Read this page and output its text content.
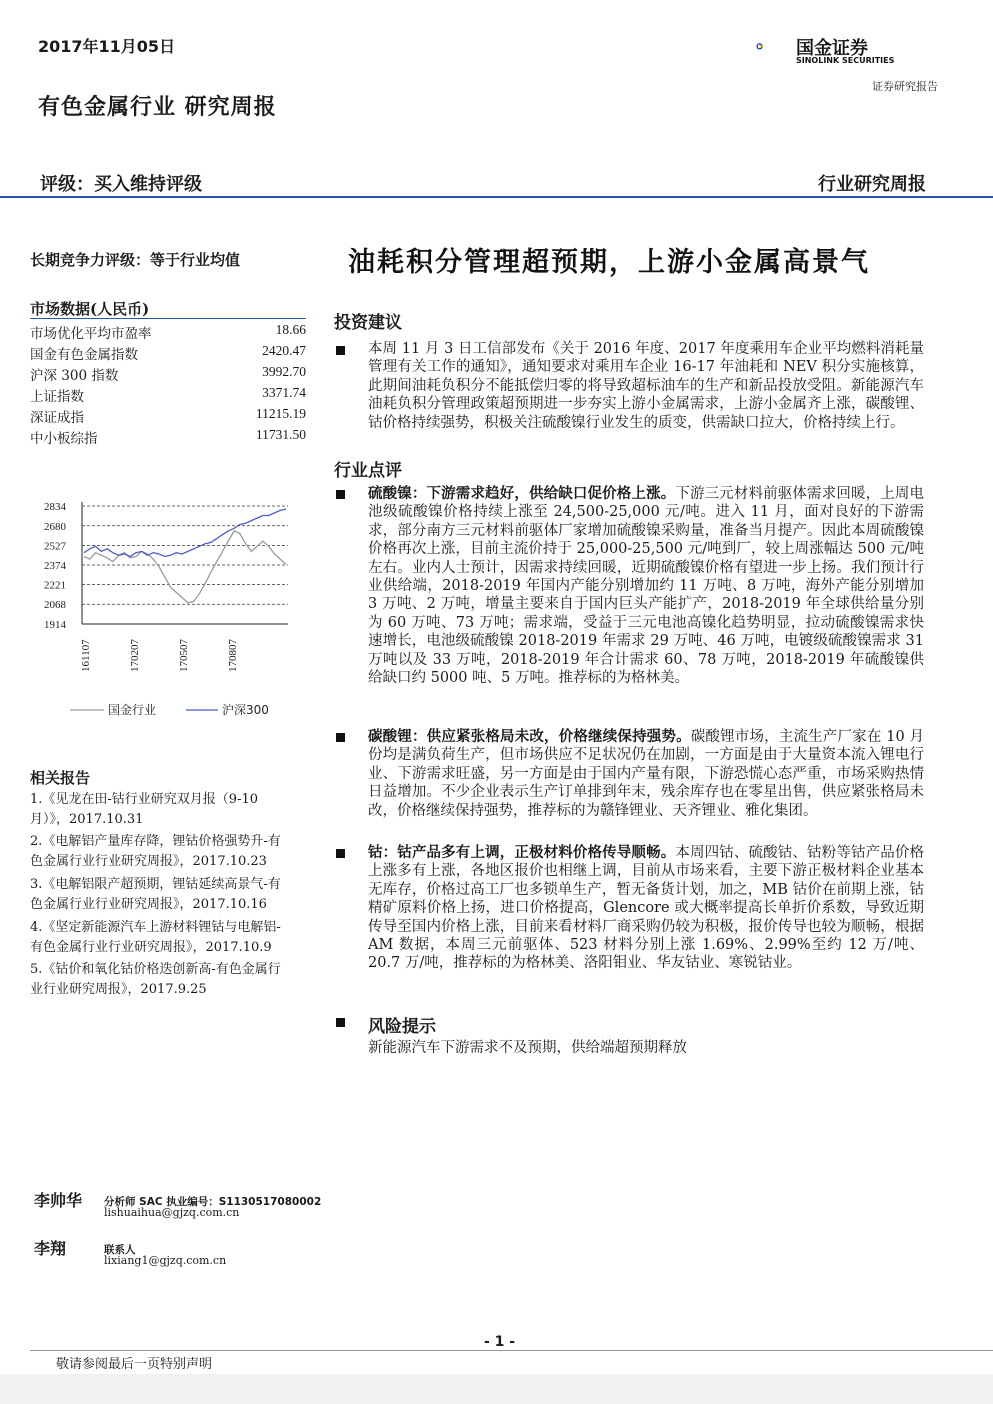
2017年11月05日	国金证券
SINOLINK SECURITIES
证券研究报告
有色金属行业 研究周报
评级：买入维持评级	行业研究周报
长期竞争力评级：等于行业均值
市场数据(人民币)
市场优化平均市盈率	18.66
国金有色金属指数	2420.47
沪深 300 指数	3992.70
上证指数	3371.74
深证成指	11215.19
中小板综指	11731.50
2834
2680
2527
2374
2221
2068
1914
161107	170207	170507	170807
国金行业	沪深300
相关报告
1.《见龙在田-钴行业研究双月报（9-10
月）》，2017.10.31
2.《电解铝产量库存降，锂钴价格强势升-有
色金属行业行业研究周报》，2017.10.23
3.《电解铝限产超预期，锂钴延续高景气-有
色金属行业行业研究周报》，2017.10.16
4.《坚定新能源汽车上游材料锂钴与电解铝-
有色金属行业行业研究周报》，2017.10.9
5.《钴价和氧化钴价格迭创新高-有色金属行
业行业研究周报》，2017.9.25
油耗积分管理超预期，上游小金属高景气
投资建议
本周 11 月 3 日工信部发布《关于 2016 年度、2017 年度乘用车企业平均燃料消耗量管理有关工作的通知》，通知要求对乘用车企业 16-17 年油耗和 NEV 积分实施核算，此期间油耗负积分不能抵偿归零的将导致超标油车的生产和新品投放受阻。新能源汽车油耗负积分管理政策超预期进一步夯实上游小金属需求，上游小金属齐上涨，碳酸锂、钴价格持续强势，积极关注硫酸镍行业发生的质变，供需缺口拉大，价格持续上行。
行业点评
硫酸镍：下游需求趋好，供给缺口促价格上涨。下游三元材料前驱体需求回暖，上周电池级硫酸镍价格持续上涨至 24,500-25,000 元/吨。进入 11 月，面对良好的下游需求，部分南方三元材料前驱体厂家增加硫酸镍采购量，准备当月提产。因此本周硫酸镍价格再次上涨，目前主流价持于 25,000-25,500 元/吨到厂，较上周涨幅达 500 元/吨左右。业内人士预计，因需求持续回暖，近期硫酸镍价格有望进一步上扬。我们预计行业供给端，2018-2019 年国内产能分别增加约 11 万吨、8 万吨，海外产能分别增加 3 万吨、2 万吨，增量主要来自于国内巨头产能扩产，2018-2019 年全球供给量分别为 60 万吨、73 万吨；需求端，受益于三元电池高镍化趋势明显，拉动硫酸镍需求快速增长，电池级硫酸镍 2018-2019 年需求 29 万吨、46 万吨，电镀级硫酸镍需求 31 万吨以及 33 万吨，2018-2019 年合计需求 60、78 万吨，2018-2019 年硫酸镍供给缺口约 5000 吨、5 万吨。推荐标的为格林美。
碳酸锂：供应紧张格局未改，价格继续保持强势。碳酸锂市场，主流生产厂家在 10 月份均是满负荷生产，但市场供应不足状况仍在加剧，一方面是由于大量资本流入锂电行业、下游需求旺盛，另一方面是由于国内产量有限，下游恐慌心态严重，市场采购热情日益增加。不少企业表示生产订单排到年末，残余库存也在零星出售，供应紧张格局未改，价格继续保持强势，推荐标的为赣锋锂业、天齐锂业、雅化集团。
钴：钴产品多有上调，正极材料价格传导顺畅。本周四钴、硫酸钴、钴粉等钴产品价格上涨多有上涨，各地区报价也相继上调，目前从市场来看，主要下游正极材料企业基本无库存，价格过高工厂也多锁单生产，暂无备货计划，加之，MB 钴价在前期上涨，钴精矿原料价格上扬，进口价格提高，Glencore 或大概率提高长单折价系数，导致近期传导至国内价格上涨，目前来看材料厂商采购仍较为积极，报价传导也较为顺畅，根据 AM 数据，本周三元前驱体、523 材料分别上涨 1.69%、2.99%至约 12 万/吨、20.7 万/吨，推荐标的为格林美、洛阳钼业、华友钴业、寒锐钴业。
风险提示
新能源汽车下游需求不及预期，供给端超预期释放
李帅华 分析师 SAC 执业编号：S1130517080002
lishuaihua@gjzq.com.cn
李翔	联系人
lixiang1@gjzq.com.cn
- 1 -
敬请参阅最后一页特别声明
